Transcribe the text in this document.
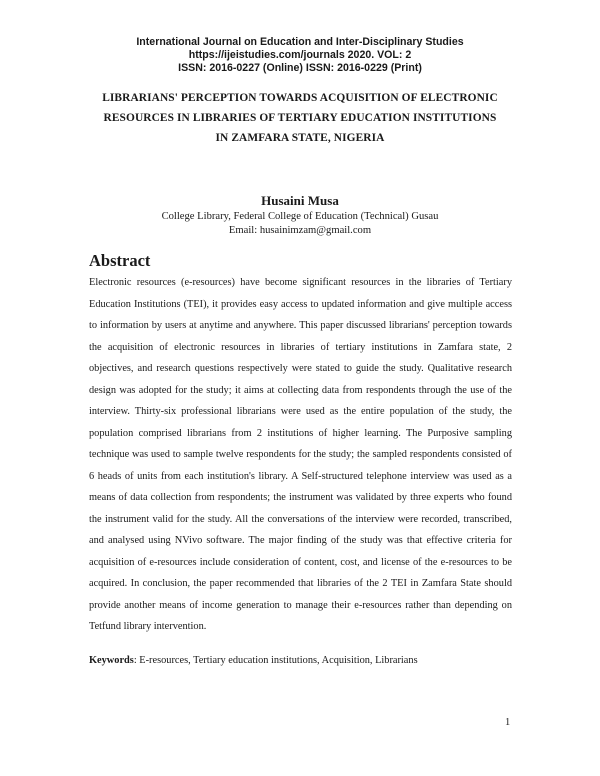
International Journal on Education and Inter-Disciplinary Studies
https://ijeistudies.com/journals 2020. VOL: 2
ISSN: 2016-0227 (Online) ISSN: 2016-0229 (Print)
LIBRARIANS' PERCEPTION TOWARDS ACQUISITION OF ELECTRONIC
RESOURCES IN LIBRARIES OF TERTIARY EDUCATION INSTITUTIONS
IN ZAMFARA STATE, NIGERIA
Husaini Musa
College Library, Federal College of Education (Technical) Gusau
Email: husainimzam@gmail.com
Abstract

Electronic resources (e-resources) have become significant resources in the libraries of Tertiary Education Institutions (TEI), it provides easy access to updated information and give multiple access to information by users at anytime and anywhere. This paper discussed librarians' perception towards the acquisition of electronic resources in libraries of tertiary institutions in Zamfara state, 2 objectives, and research questions respectively were stated to guide the study. Qualitative research design was adopted for the study; it aims at collecting data from respondents through the use of the interview. Thirty-six professional librarians were used as the entire population of the study, the population comprised librarians from 2 institutions of higher learning. The Purposive sampling technique was used to sample twelve respondents for the study; the sampled respondents consisted of 6 heads of units from each institution's library. A Self-structured telephone interview was used as a means of data collection from respondents; the instrument was validated by three experts who found the instrument valid for the study. All the conversations of the interview were recorded, transcribed, and analysed using NVivo software. The major finding of the study was that effective criteria for acquisition of e-resources include consideration of content, cost, and license of the e-resources to be acquired. In conclusion, the paper recommended that libraries of the 2 TEI in Zamfara State should provide another means of income generation to manage their e-resources rather than depending on Tetfund library intervention.

Keywords: E-resources, Tertiary education institutions, Acquisition, Librarians
1
